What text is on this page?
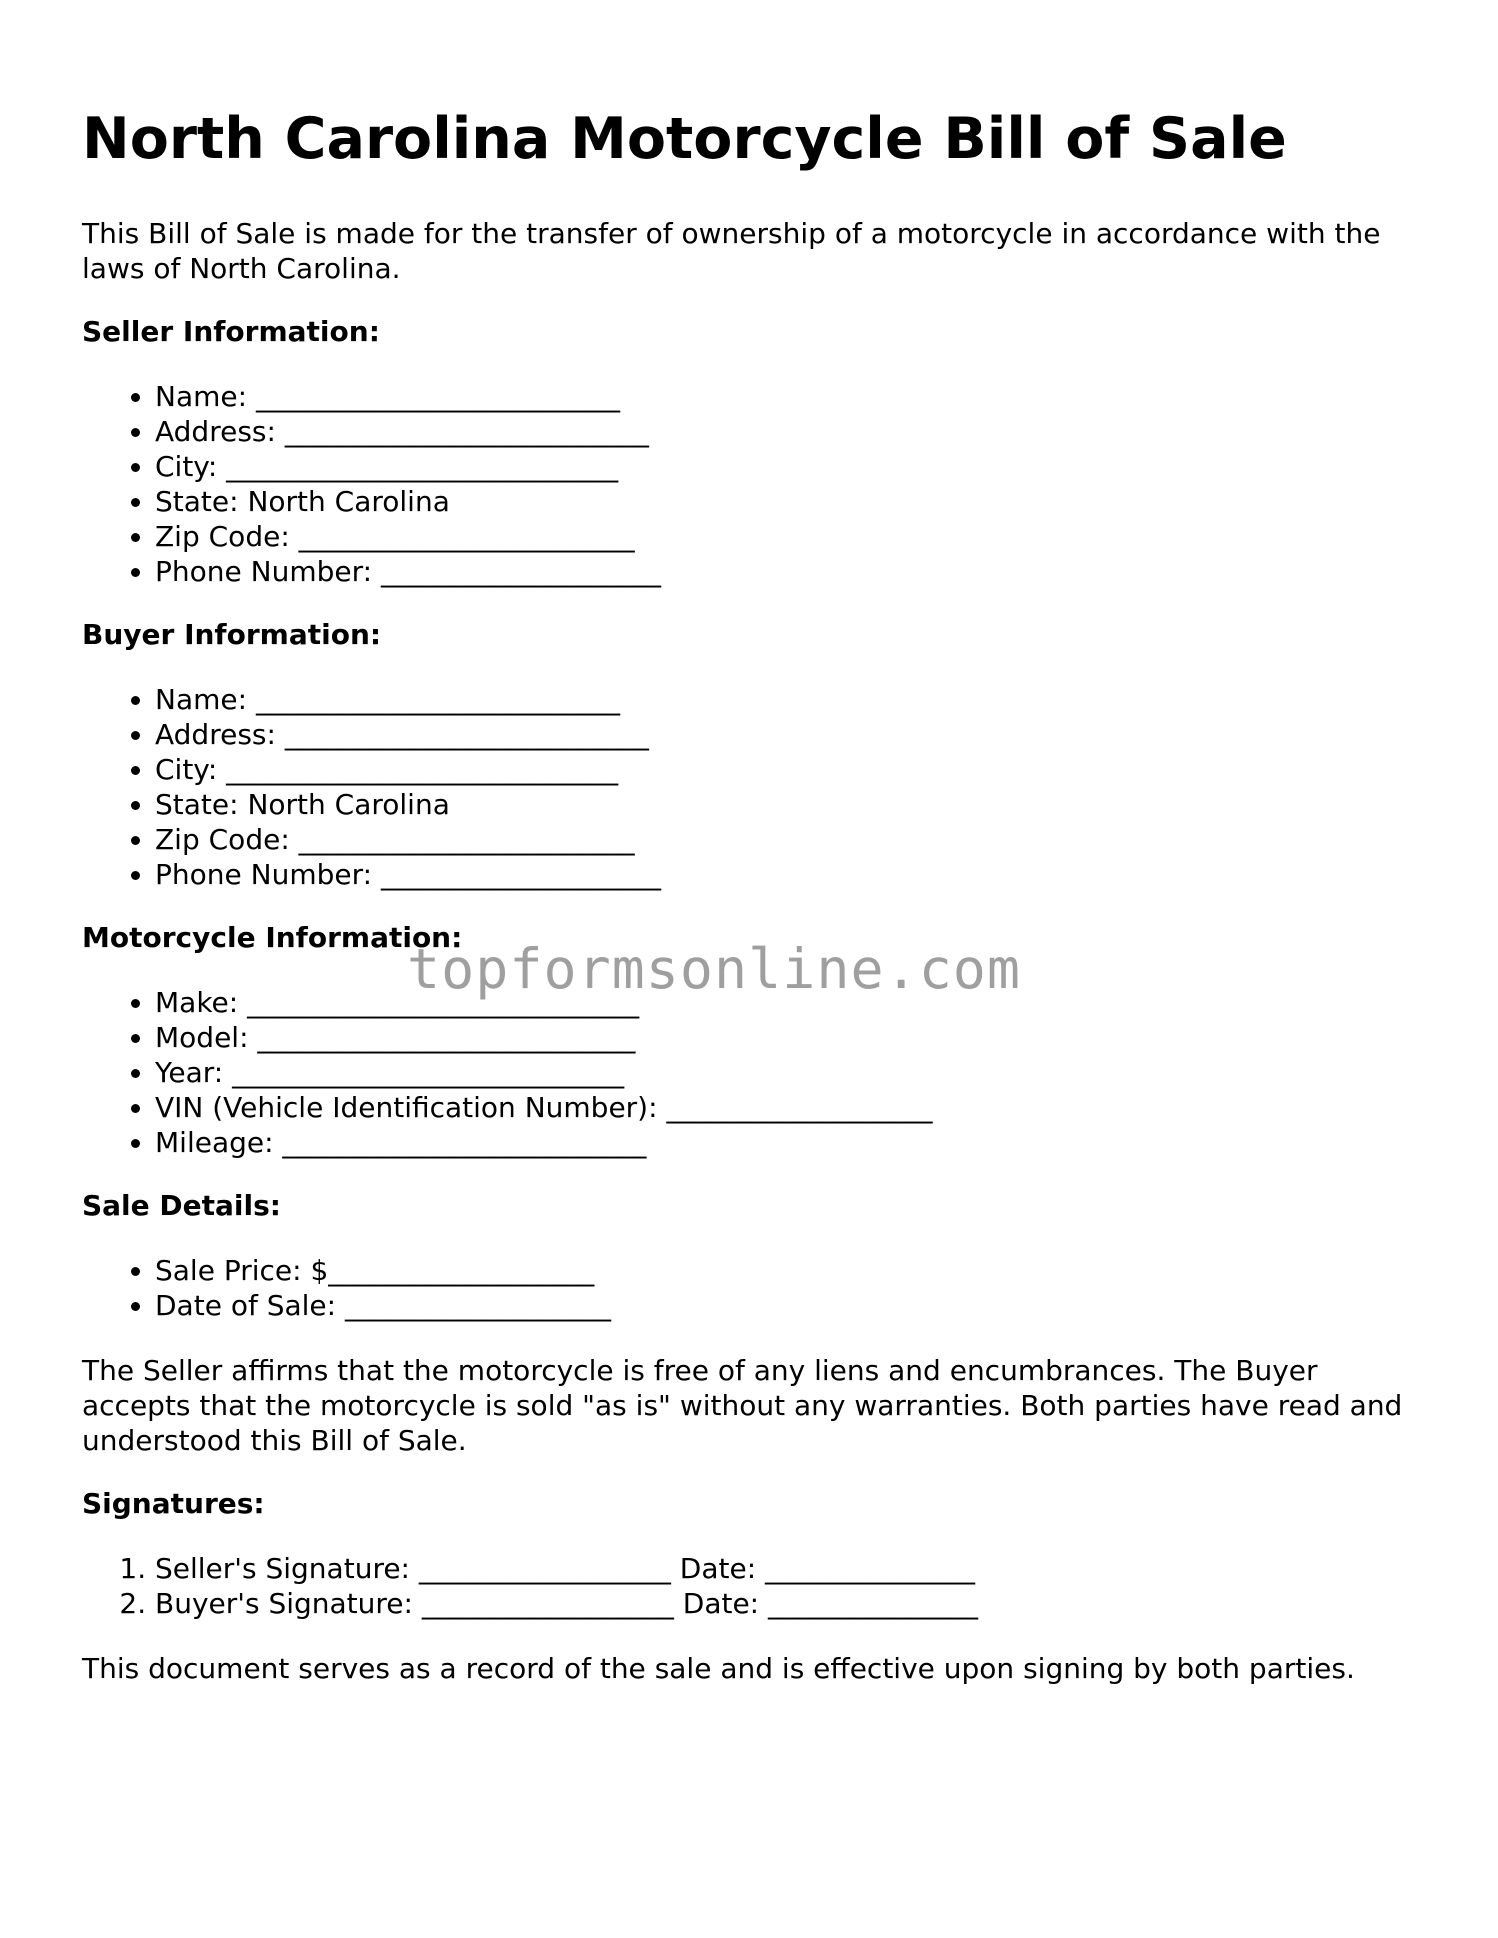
North Carolina Motorcycle Bill of Sale

This Bill of Sale is made for the transfer of ownership of a motorcycle in accordance with the laws of North Carolina.

Seller Information:
• Name: __________________________
• Address: __________________________
• City: ____________________________
• State: North Carolina
• Zip Code: ________________________
• Phone Number: ____________________
Buyer Information:
• Name: __________________________
• Address: __________________________
• City: ____________________________
• State: North Carolina
• Zip Code: ________________________
• Phone Number: ____________________
Motorcycle Information:
• Make: ____________________________
• Model: ___________________________
• Year: ____________________________
• VIN (Vehicle Identification Number): ___________________
• Mileage: __________________________
Sale Details:
• Sale Price: $___________________
• Date of Sale: ___________________

The Seller affirms that the motorcycle is free of any liens and encumbrances. The Buyer accepts that the motorcycle is sold "as is" without any warranties. Both parties have read and understood this Bill of Sale.

Signatures:
1. Seller's Signature: __________________ Date: _______________
2. Buyer's Signature: __________________ Date: _______________

This document serves as a record of the sale and is effective upon signing by both parties.

topformsonline.com
